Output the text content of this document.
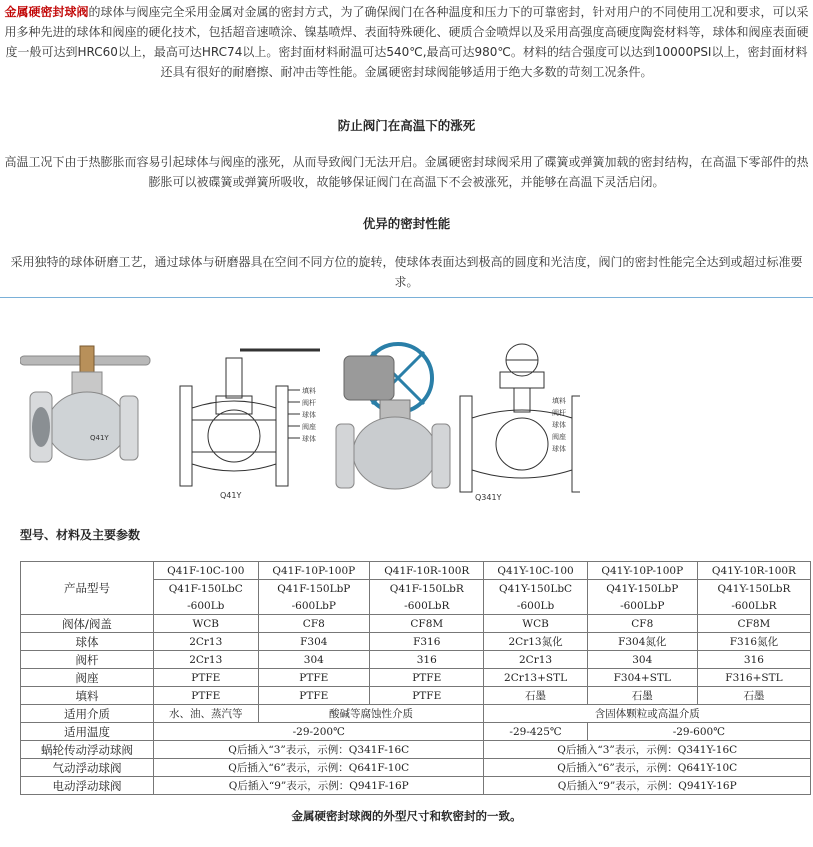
金属硬密封球阀的球体与阀座完全采用金属对金属的密封方式，为了确保阀门在各种温度和压力下的可靠密封，针对用户的不同使用工况和要求，可以采用多种先进的球体和阀座的硬化技术，包括超音速喷涂、镍基喷焊、表面特殊硬化、硬质合金喷焊以及采用高强度高硬度陶瓷材料等，球体和阀座表面硬度一般可达到HRC60以上，最高可达HRC74以上。密封面材料耐温可达540℃,最高可达980℃。材料的结合强度可以达到10000PSI以上，密封面材料还具有很好的耐磨擦、耐冲击等性能。金属硬密封球阀能够适用于绝大多数的苛刻工况条件。
防止阀门在高温下的涨死
高温工况下由于热膨胀而容易引起球体与阀座的涨死，从而导致阀门无法开启。金属硬密封球阀采用了碟簧或弹簧加载的密封结构，在高温下零部件的热膨胀可以被碟簧或弹簧所吸收，故能够保证阀门在高温下不会被涨死，并能够在高温下灵活启闭。
优异的密封性能
采用独特的球体研磨工艺，通过球体与研磨器具在空间不同方位的旋转，使球体表面达到极高的圆度和光洁度，阀门的密封性能完全达到或超过标准要求。
Q41Y
填料
阀杆
球体
阀座
球体
Q41Y
填料
阀杆
球体
阀座
球体
Q341Y
型号、材料及主要参数
产品型号	Q41F-10C-100	Q41F-10P-100P	Q41F-10R-100R	Q41Y-10C-100	Q41Y-10P-100P	Q41Y-10R-100R
	Q41F-150LbC	Q41F-150LbP	Q41F-150LbR	Q41Y-150LbC	Q41Y-150LbP	Q41Y-150LbR
	-600Lb	-600LbP	-600LbR	-600Lb	-600LbP	-600LbR
阀体/阀盖	WCB	CF8	CF8M	WCB	CF8	CF8M
球体	2Cr13	F304	F316	2Cr13氮化	F304氮化	F316氮化
阀杆	2Cr13	304	316	2Cr13	304	316
阀座	PTFE	PTFE	PTFE	2Cr13+STL	F304+STL	F316+STL
填料	PTFE	PTFE	PTFE	石墨	石墨	石墨
适用介质	水、油、蒸汽等	酸碱等腐蚀性介质		含固体颗粒或高温介质		
适用温度	-29-200℃			-29-425℃	-29-600℃	
蜗轮传动浮动球阀	Q后插入“3”表示，示例：Q341F-16C			Q后插入“3”表示，示例：Q341Y-16C		
气动浮动球阀	Q后插入“6”表示，示例：Q641F-10C			Q后插入“6”表示，示例：Q641Y-10C		
电动浮动球阀	Q后插入“9”表示，示例：Q941F-16P			Q后插入“9”表示，示例：Q941Y-16P		
金属硬密封球阀的外型尺寸和软密封的一致。
